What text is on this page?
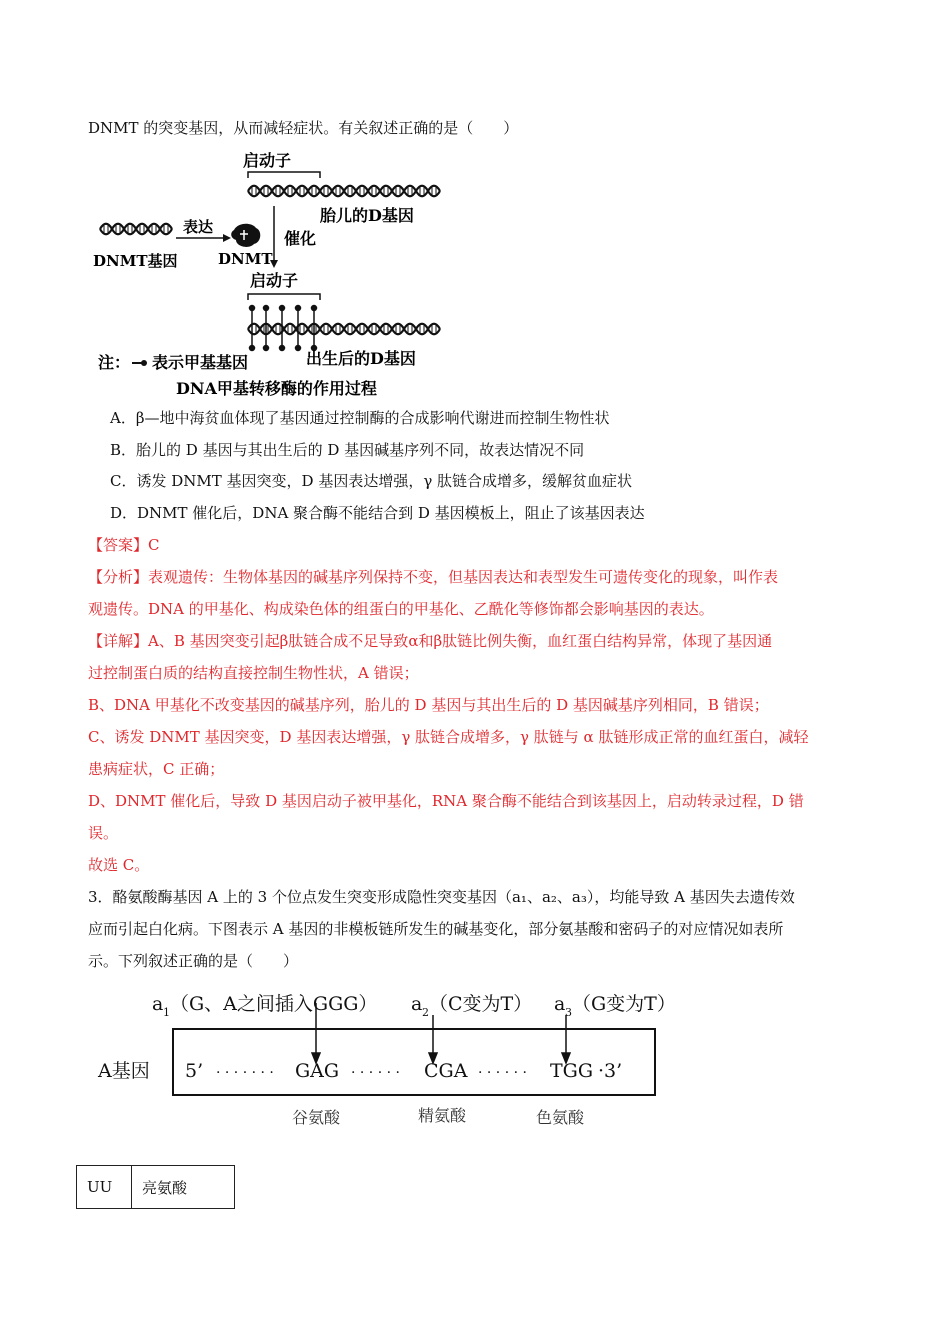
DNMT 的突变基因，从而减轻症状。有关叙述正确的是（　　）
启动子
胎儿的D基因
表达
DNMT基因	DNMT
催化
启动子
出生后的D基因
注： 表示甲基基因
DNA甲基转移酶的作用过程
A．β—地中海贫血体现了基因通过控制酶的合成影响代谢进而控制生物性状
B．胎儿的 D 基因与其出生后的 D 基因碱基序列不同，故表达情况不同
C．诱发 DNMT 基因突变，D 基因表达增强，γ 肽链合成增多，缓解贫血症状
D．DNMT 催化后，DNA 聚合酶不能结合到 D 基因模板上，阻止了该基因表达
【答案】C
【分析】表观遗传：生物体基因的碱基序列保持不变，但基因表达和表型发生可遗传变化的现象，叫作表
观遗传。DNA 的甲基化、构成染色体的组蛋白的甲基化、乙酰化等修饰都会影响基因的表达。
【详解】A、B 基因突变引起β肽链合成不足导致α和β肽链比例失衡，血红蛋白结构异常，体现了基因通
过控制蛋白质的结构直接控制生物性状，A 错误；
B、DNA 甲基化不改变基因的碱基序列，胎儿的 D 基因与其出生后的 D 基因碱基序列相同，B 错误；
C、诱发 DNMT 基因突变，D 基因表达增强，γ 肽链合成增多，γ 肽链与 α 肽链形成正常的血红蛋白，减轻
患病症状，C 正确；
D、DNMT 催化后，导致 D 基因启动子被甲基化，RNA 聚合酶不能结合到该基因上，启动转录过程，D 错
误。
故选 C。
3．酪氨酸酶基因 A 上的 3 个位点发生突变形成隐性突变基因（a₁、a₂、a₃），均能导致 A 基因失去遗传效
应而引起白化病。下图表示 A 基因的非模板链所发生的碱基变化，部分氨基酸和密码子的对应情况如表所
示。下列叙述正确的是（　　）
a 1 （G、A之间插入GGG） a 2 （C变为T） a 3 （G变为T）
A基因 5’ · · · · · · · GAG · · · · · · CGA · · · · · · TGG ·3’
谷氨酸	精氨酸	色氨酸
UU	亮氨酸
